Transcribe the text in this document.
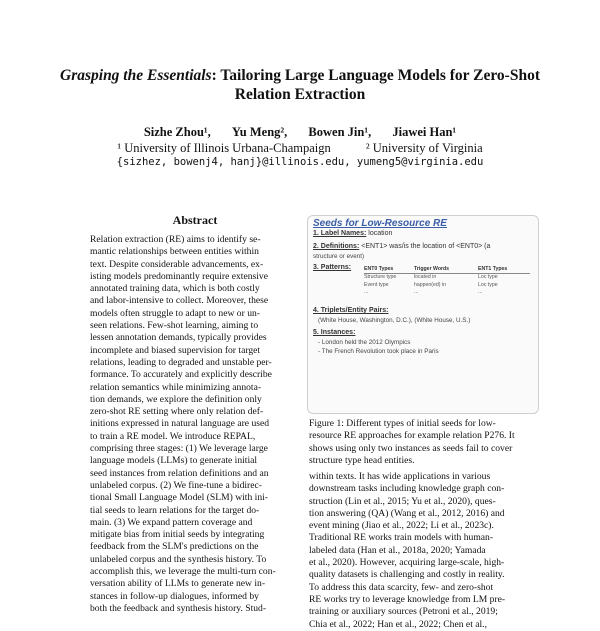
Grasping the Essentials: Tailoring Large Language Models for Zero-Shot
Relation Extraction
Sizhe Zhou¹, Yu Meng², Bowen Jin¹, Jiawei Han¹
¹ University of Illinois Urbana-Champaign	² University of Virginia
{sizhez, bowenj4, hanj}@illinois.edu, yumeng5@virginia.edu
Abstract

Relation extraction (RE) aims to identify se-
mantic relationships between entities within
text. Despite considerable advancements, ex-
isting models predominantly require extensive
annotated training data, which is both costly
and labor-intensive to collect. Moreover, these
models often struggle to adapt to new or un-
seen relations. Few-shot learning, aiming to
lessen annotation demands, typically provides
incomplete and biased supervision for target
relations, leading to degraded and unstable per-
formance. To accurately and explicitly describe
relation semantics while minimizing annota-
tion demands, we explore the definition only
zero-shot RE setting where only relation def-
initions expressed in natural language are used
to train a RE model. We introduce REPAL,
comprising three stages: (1) We leverage large
language models (LLMs) to generate initial
seed instances from relation definitions and an
unlabeled corpus. (2) We fine-tune a bidirec-
tional Small Language Model (SLM) with ini-
tial seeds to learn relations for the target do-
main. (3) We expand pattern coverage and
mitigate bias from initial seeds by integrating
feedback from the SLM's predictions on the
unlabeled corpus and the synthesis history. To
accomplish this, we leverage the multi-turn con-
versation ability of LLMs to generate new in-
stances in follow-up dialogues, informed by
both the feedback and synthesis history. Stud-

Seeds for Low-Resource RE
1. Label Names: location
2. Definitions: <ENT1> was/is the location of <ENT0> (a
structure or event)
3. Patterns: ENT0 Types	Trigger Words	ENT1 Types
Structure type	located in	Loc type
Event type	happen(ed) in	Loc type
...	...	...
4. Triplets/Entity Pairs:
(White House, Washington, D.C.), (White House, U.S.)
5. Instances:
- London held the 2012 Olympics
- The French Revolution took place in Paris

Figure 1: Different types of initial seeds for low-
resource RE approaches for example relation P276. It
shows using only two instances as seeds fail to cover
structure type head entities.

within texts. It has wide applications in various
downstream tasks including knowledge graph con-
struction (Lin et al., 2015; Yu et al., 2020), ques-
tion answering (QA) (Wang et al., 2012, 2016) and
event mining (Jiao et al., 2022; Li et al., 2023c).
Traditional RE works train models with human-
labeled data (Han et al., 2018a, 2020; Yamada
et al., 2020). However, acquiring large-scale, high-
quality datasets is challenging and costly in reality.
To address this data scarcity, few- and zero-shot
RE works try to leverage knowledge from LM pre-
training or auxiliary sources (Petroni et al., 2019;
Chia et al., 2022; Han et al., 2022; Chen et al.,
